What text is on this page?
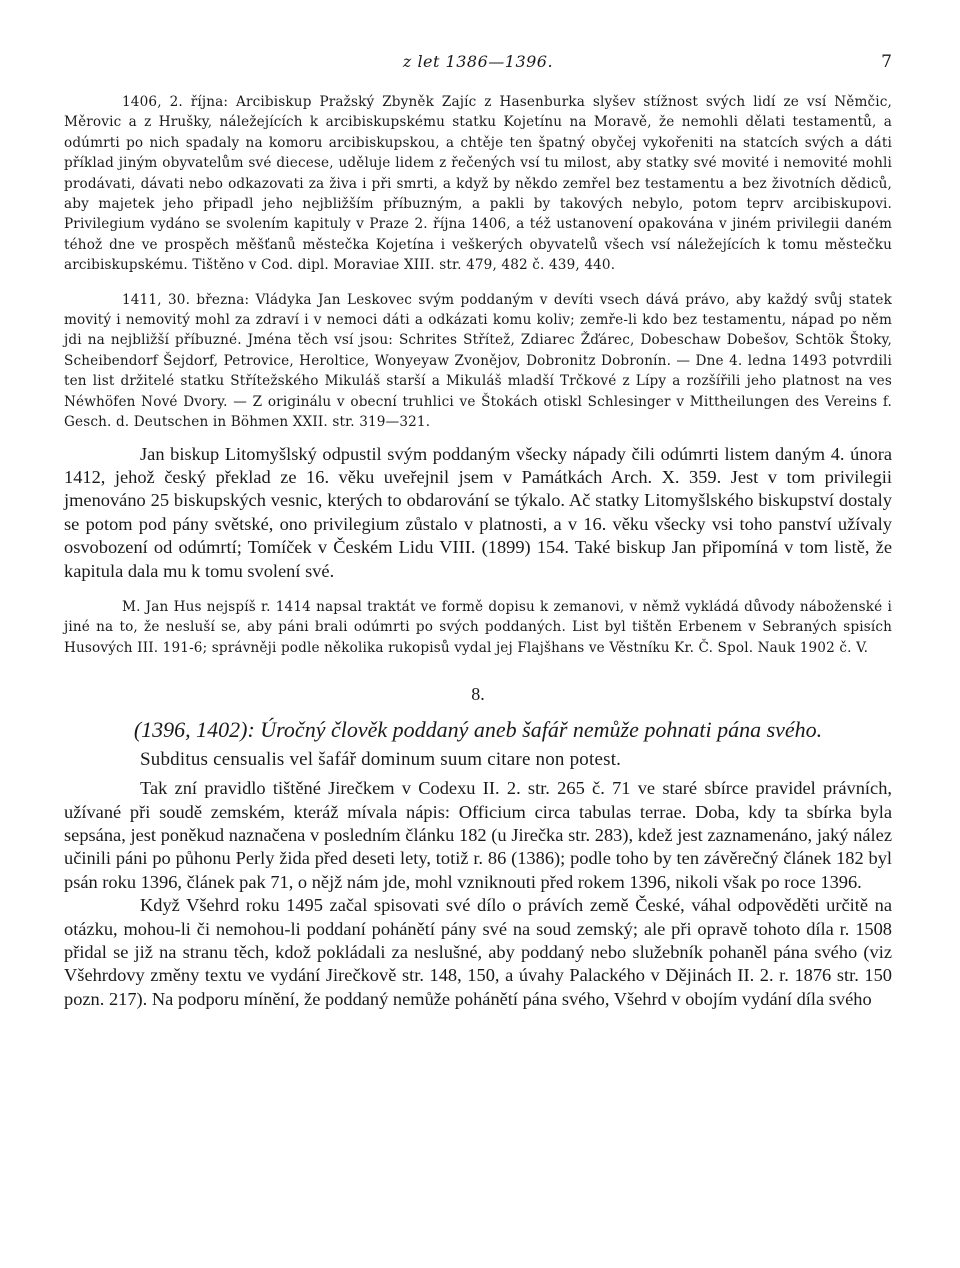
z let 1386—1396.	7

1406, 2. října: Arcibiskup Pražský Zbyněk Zajíc z Hasenburka slyšev stížnost svých lidí ze vsí Němčic, Měrovic a z Hrušky, náležejících k arcibiskupskému statku Kojetínu na Moravě, že nemohli dělati testamentů, a odúmrti po nich spadaly na komoru arcibiskupskou, a chtěje ten špatný obyčej vykořeniti na statcích svých a dáti příklad jiným obyvatelům své diecese, uděluje lidem z řečených vsí tu milost, aby statky své movité i nemovité mohli prodávati, dávati nebo odkazovati za živa i při smrti, a když by někdo zemřel bez testamentu a bez životních dědiců, aby majetek jeho připadl jeho nejbližším příbuzným, a pakli by takových nebylo, potom teprv arcibiskupovi. Privilegium vydáno se svolením kapituly v Praze 2. října 1406, a též ustanovení opakována v jiném privilegii daném téhož dne ve prospěch měšťanů městečka Kojetína i veškerých obyvatelů všech vsí náležejících k tomu městečku arcibiskupskému. Tištěno v Cod. dipl. Moraviae XIII. str. 479, 482 č. 439, 440.

1411, 30. března: Vládyka Jan Leskovec svým poddaným v devíti vsech dává právo, aby každý svůj statek movitý i nemovitý mohl za zdraví i v nemoci dáti a odkázati komu koliv; zemře-li kdo bez testamentu, nápad po něm jdi na nejbližší příbuzné. Jména těch vsí jsou: Schrites Střítež, Zdiarec Žďárec, Dobeschaw Dobešov, Schtök Štoky, Scheibendorf Šejdorf, Petrovice, Heroltice, Wonyeyaw Zvonějov, Dobronitz Dobronín. — Dne 4. ledna 1493 potvrdili ten list držitelé statku Střítežského Mikuláš starší a Mikuláš mladší Trčkové z Lípy a rozšířili jeho platnost na ves Néwhöfen Nové Dvory. — Z originálu v obecní truhlici ve Štokách otiskl Schlesinger v Mittheilungen des Vereins f. Gesch. d. Deutschen in Böhmen XXII. str. 319—321.

Jan biskup Litomyšlský odpustil svým poddaným všecky nápady čili odúmrti listem daným 4. února 1412, jehož český překlad ze 16. věku uveřejnil jsem v Památkách Arch. X. 359. Jest v tom privilegii jmenováno 25 biskupských vesnic, kterých to obdarování se týkalo. Ač statky Litomyšlského biskupství dostaly se potom pod pány světské, ono privilegium zůstalo v platnosti, a v 16. věku všecky vsi toho panství užívaly osvobození od odúmrtí; Tomíček v Českém Lidu VIII. (1899) 154. Také biskup Jan připomíná v tom listě, že kapitula dala mu k tomu svolení své.

M. Jan Hus nejspíš r. 1414 napsal traktát ve formě dopisu k zemanovi, v němž vykládá důvody náboženské i jiné na to, že nesluší se, aby páni brali odúmrti po svých poddaných. List byl tištěn Erbenem v Sebraných spisích Husových III. 191-6; správněji podle několika rukopisů vydal jej Flajšhans ve Věstníku Kr. Č. Spol. Nauk 1902 č. V.

8.
(1396, 1402): Úročný člověk poddaný aneb šafář nemůže pohnati pána svého.
Subditus censualis vel šafář dominum suum citare non potest.

Tak zní pravidlo tištěné Jirečkem v Codexu II. 2. str. 265 č. 71 ve staré sbírce pravidel právních, užívané při soudě zemském, kteráž mívala nápis: Officium circa tabulas terrae. Doba, kdy ta sbírka byla sepsána, jest poněkud naznačena v posledním článku 182 (u Jirečka str. 283), kdež jest zaznamenáno, jaký nález učinili páni po půhonu Perly žida před deseti lety, totiž r. 86 (1386); podle toho by ten závěrečný článek 182 byl psán roku 1396, článek pak 71, o nějž nám jde, mohl vzniknouti před rokem 1396, nikoli však po roce 1396.

Když Všehrd roku 1495 začal spisovati své dílo o právích země České, váhal odpověděti určitě na otázku, mohou-li či nemohou-li poddaní pohánětí pány své na soud zemský; ale při opravě tohoto díla r. 1508 přidal se již na stranu těch, kdož pokládali za neslušné, aby poddaný nebo služebník pohaněl pána svého (viz Všehrdovy změny textu ve vydání Jirečkově str. 148, 150, a úvahy Palackého v Dějinách II. 2. r. 1876 str. 150 pozn. 217). Na podporu mínění, že poddaný nemůže pohánětí pána svého, Všehrd v obojím vydání díla svého
